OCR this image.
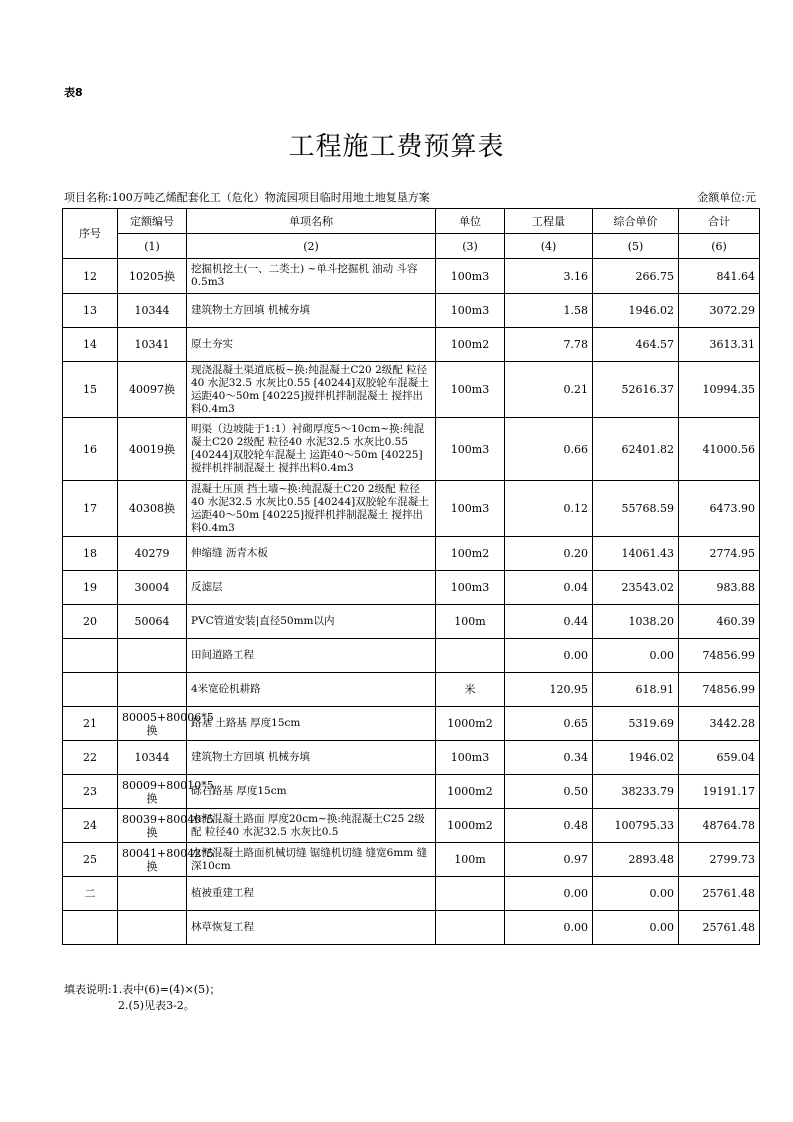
表8
工程施工费预算表
项目名称:100万吨乙烯配套化工（危化）物流园项目临时用地土地复垦方案	金额单位:元
序号	定额编号	单项名称	单位	工程量	综合单价	合计
	(1)	(2)	(3)	(4)	(5)	(6)
12	10205换	挖掘机挖土(一、二类土) ~单斗挖掘机 油动 斗容0.5m3	100m3	3.16	266.75	841.64
13	10344	建筑物土方回填 机械夯填	100m3	1.58	1946.02	3072.29
14	10341	原土夯实	100m2	7.78	464.57	3613.31
15	40097换	现浇混凝土渠道底板~换:纯混凝土C20 2级配 粒径40 水泥32.5 水灰比0.55 [40244]双胶轮车混凝土 运距40～50m [40225]搅拌机拌制混凝土 搅拌出料0.4m3	100m3	0.21	52616.37	10994.35
16	40019换	明渠（边坡陡于1:1）衬砌厚度5～10cm~换:纯混凝土C20 2级配 粒径40 水泥32.5 水灰比0.55 [40244]双胶轮车混凝土 运距40～50m [40225]搅拌机拌制混凝土 搅拌出料0.4m3	100m3	0.66	62401.82	41000.56
17	40308换	混凝土压顶 挡土墙~换:纯混凝土C20 2级配 粒径40 水泥32.5 水灰比0.55 [40244]双胶轮车混凝土 运距40～50m [40225]搅拌机拌制混凝土 搅拌出料0.4m3	100m3	0.12	55768.59	6473.90
18	40279	伸缩缝 沥青木板	100m2	0.20	14061.43	2774.95
19	30004	反滤层	100m3	0.04	23543.02	983.88
20	50064	PVC管道安装|直径50mm以内	100m	0.44	1038.20	460.39
		田间道路工程		0.00	0.00	74856.99
		4米宽砼机耕路	米	120.95	618.91	74856.99
21	80005+80006*5换	路基 土路基 厚度15cm	1000m2	0.65	5319.69	3442.28
22	10344	建筑物土方回填 机械夯填	100m3	0.34	1946.02	659.04
23	80009+80010*5换	砾石路基 厚度15cm	1000m2	0.50	38233.79	19191.17
24	80039+80040*5换	水泥混凝土路面 厚度20cm~换:纯混凝土C25 2级配 粒径40 水泥32.5 水灰比0.5	1000m2	0.48	100795.33	48764.78
25	80041+80042*5换	水泥混凝土路面机械切缝 锯缝机切缝 缝宽6mm 缝深10cm	100m	0.97	2893.48	2799.73
二		植被重建工程		0.00	0.00	25761.48
		林草恢复工程		0.00	0.00	25761.48
填表说明:1.表中(6)=(4)×(5)；
2.(5)见表3-2。
